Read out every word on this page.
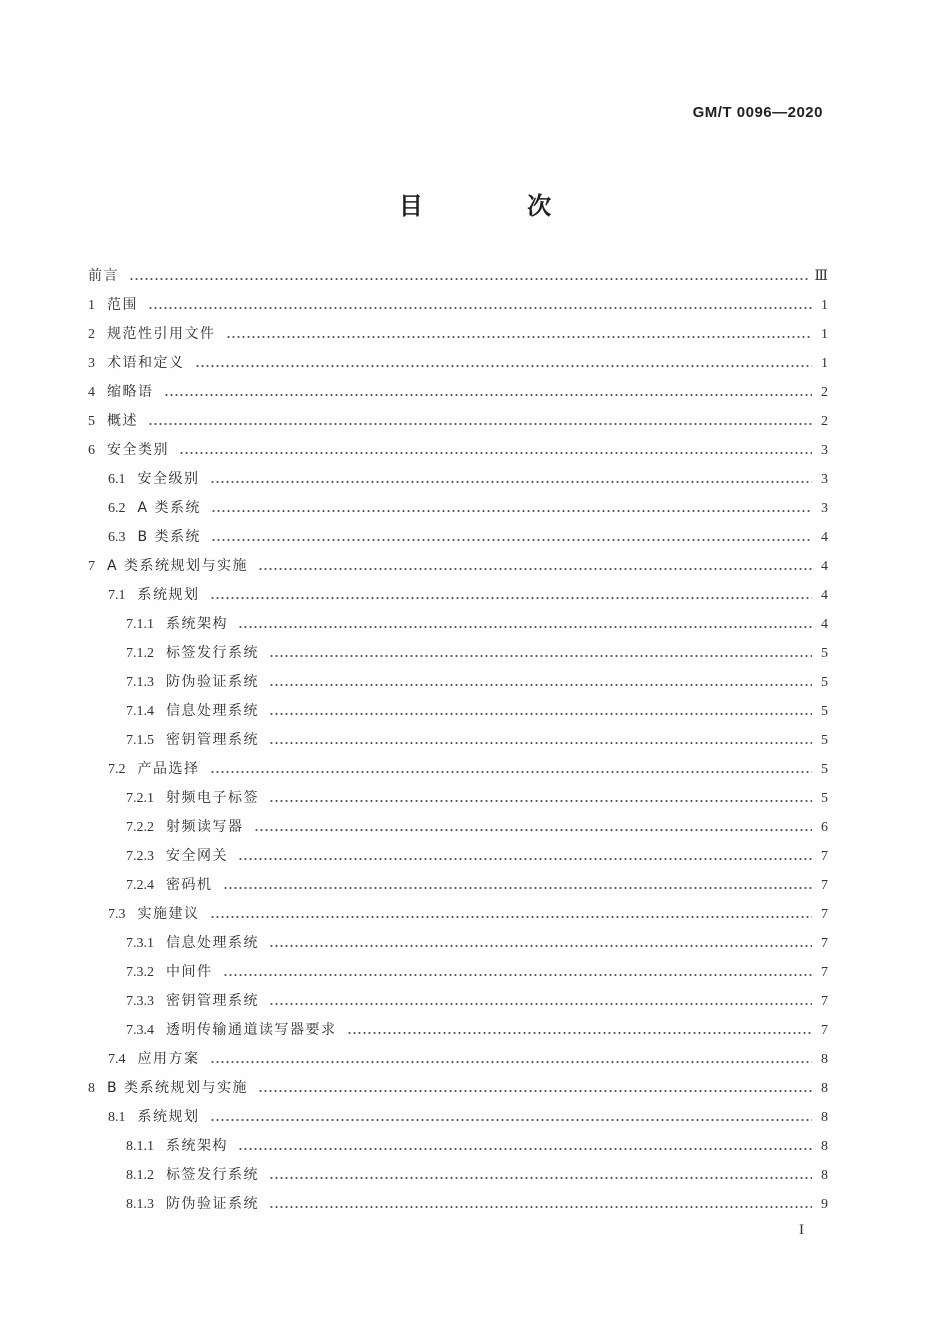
GM/T 0096—2020
目 次
前言	Ⅲ
1 范围	1
2 规范性引用文件	1
3 术语和定义	1
4 缩略语	2
5 概述	2
6 安全类别	3
6.1 安全级别	3
6.2 A 类系统	3
6.3 B 类系统	4
7 A 类系统规划与实施	4
7.1 系统规划	4
7.1.1 系统架构	4
7.1.2 标签发行系统	5
7.1.3 防伪验证系统	5
7.1.4 信息处理系统	5
7.1.5 密钥管理系统	5
7.2 产品选择	5
7.2.1 射频电子标签	5
7.2.2 射频读写器	6
7.2.3 安全网关	7
7.2.4 密码机	7
7.3 实施建议	7
7.3.1 信息处理系统	7
7.3.2 中间件	7
7.3.3 密钥管理系统	7
7.3.4 透明传输通道读写器要求	7
7.4 应用方案	8
8 B 类系统规划与实施	8
8.1 系统规划	8
8.1.1 系统架构	8
8.1.2 标签发行系统	8
8.1.3 防伪验证系统	9
I
